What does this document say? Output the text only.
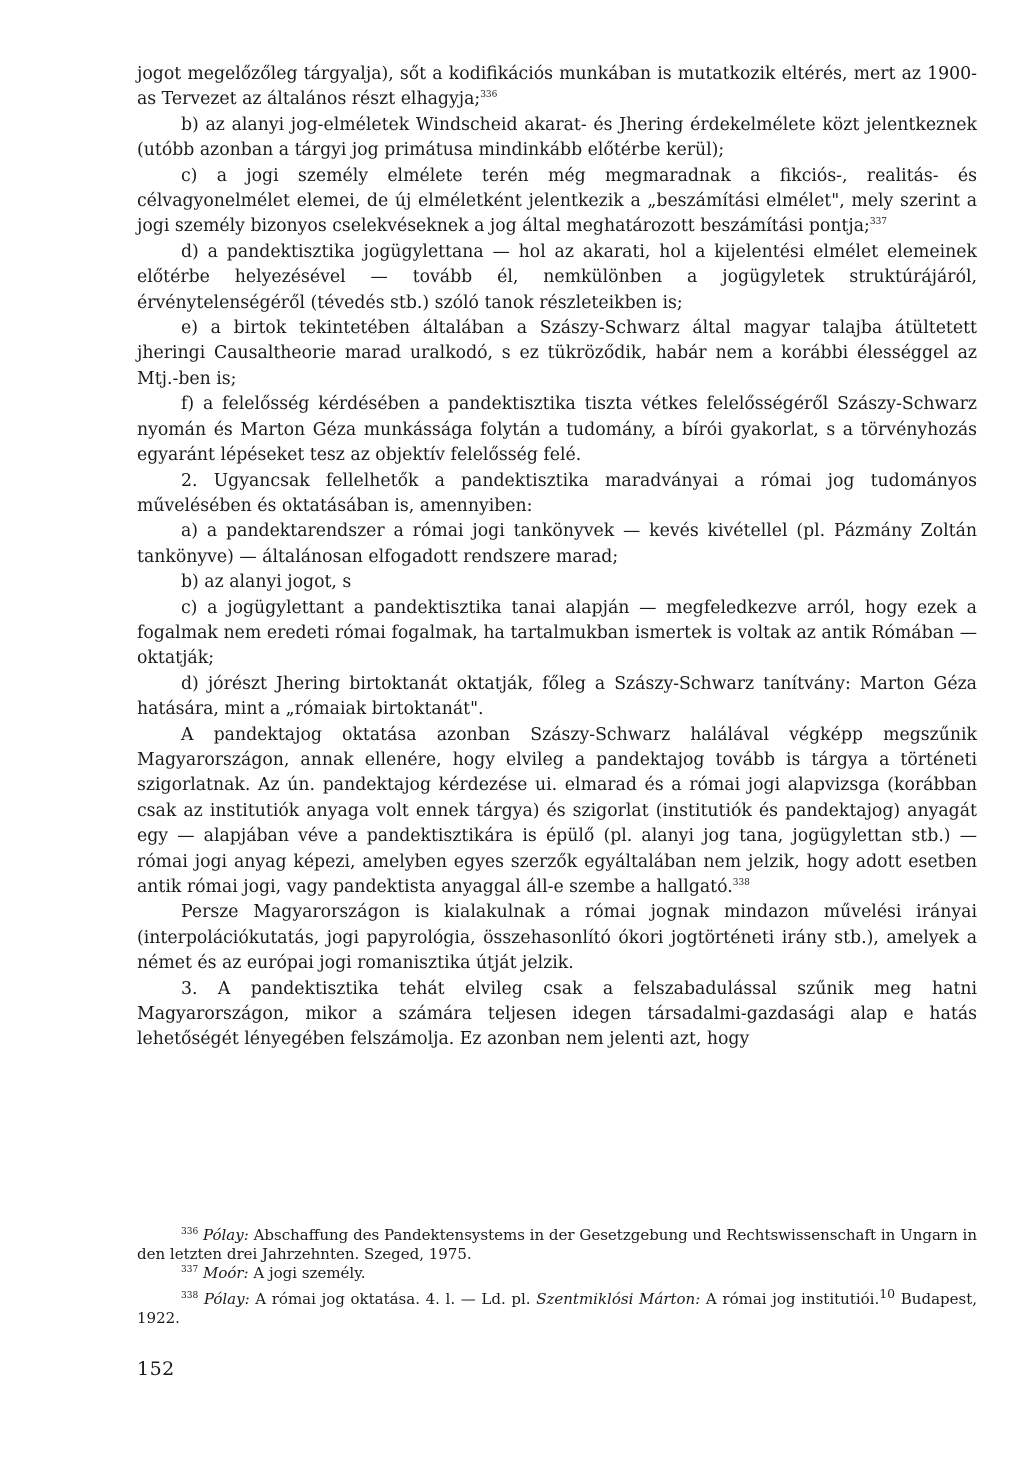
jogot megelőzőleg tárgyalja), sőt a kodifikációs munkában is mutatkozik eltérés, mert az 1900-as Tervezet az általános részt elhagyja;$^{336}$

b) az alanyi jog-elméletek Windscheid akarat- és Jhering érdekelmélete közt jelentkeznek (utóbb azonban a tárgyi jog primátusa mindinkább előtérbe kerül);

c) a jogi személy elmélete terén még megmaradnak a fikciós-, realitás- és célvagyonelmélet elemei, de új elméletként jelentkezik a „beszámítási elmélet", mely szerint a jogi személy bizonyos cselekvéseknek a jog által meghatározott beszámítási pontja;$^{337}$

d) a pandektisztika jogügylettana — hol az akarati, hol a kijelentési elmélet elemeinek előtérbe helyezésével — tovább él, nemkülönben a jogügyletek struktúrájáról, érvénytelenségéről (tévedés stb.) szóló tanok részleteikben is;

e) a birtok tekintetében általában a Szászy-Schwarz által magyar talajba átültetett jheringi Causaltheorie marad uralkodó, s ez tükröződik, habár nem a korábbi élességgel az Mtj.-ben is;

f) a felelősség kérdésében a pandektisztika tiszta vétkes felelősségéről Szászy-Schwarz nyomán és Marton Géza munkássága folytán a tudomány, a bírói gyakorlat, s a törvényhozás egyaránt lépéseket tesz az objektív felelősség felé.

2. Ugyancsak fellelhetők a pandektisztika maradványai a római jog tudományos művelésében és oktatásában is, amennyiben:

a) a pandektarendszer a római jogi tankönyvek — kevés kivétellel (pl. Pázmány Zoltán tankönyve) — általánosan elfogadott rendszere marad;

b) az alanyi jogot, s

c) a jogügylettant a pandektisztika tanai alapján — megfeledkezve arról, hogy ezek a fogalmak nem eredeti római fogalmak, ha tartalmukban ismertek is voltak az antik Rómában — oktatják;

d) jórészt Jhering birtoktanát oktatják, főleg a Szászy-Schwarz tanítvány: Marton Géza hatására, mint a „rómaiak birtoktanát".

A pandektajog oktatása azonban Szászy-Schwarz halálával végképp megszűnik Magyarországon, annak ellenére, hogy elvileg a pandektajog tovább is tárgya a történeti szigorlatnak. Az ún. pandektajog kérdezése ui. elmarad és a római jogi alapvizsga (korábban csak az institutiók anyaga volt ennek tárgya) és szigorlat (institutiók és pandektajog) anyagát egy — alapjában véve a pandektisztikára is épülő (pl. alanyi jog tana, jogügylettan stb.) — római jogi anyag képezi, amelyben egyes szerzők egyáltalában nem jelzik, hogy adott esetben antik római jogi, vagy pandektista anyaggal áll-e szembe a hallgató.$^{338}$

Persze Magyarországon is kialakulnak a római jognak mindazon művelési irányai (interpolációkutatás, jogi papyrológia, összehasonlító ókori jogtörténeti irány stb.), amelyek a német és az európai jogi romanisztika útját jelzik.

3. A pandektisztika tehát elvileg csak a felszabadulással szűnik meg hatni Magyarországon, mikor a számára teljesen idegen társadalmi-gazdasági alap e hatás lehetőségét lényegében felszámolja. Ez azonban nem jelenti azt, hogy

$^{336}$ Pólay: Abschaffung des Pandektensystems in der Gesetzgebung und Rechtswissenschaft in Ungarn in den letzten drei Jahrzehnten. Szeged, 1975.

$^{337}$ Moór: A jogi személy.

$^{338}$ Pólay: A római jog oktatása. 4. l. — Ld. pl. Szentmiklósi Márton: A római jog institutiói.$^{10}$ Budapest, 1922.

152
